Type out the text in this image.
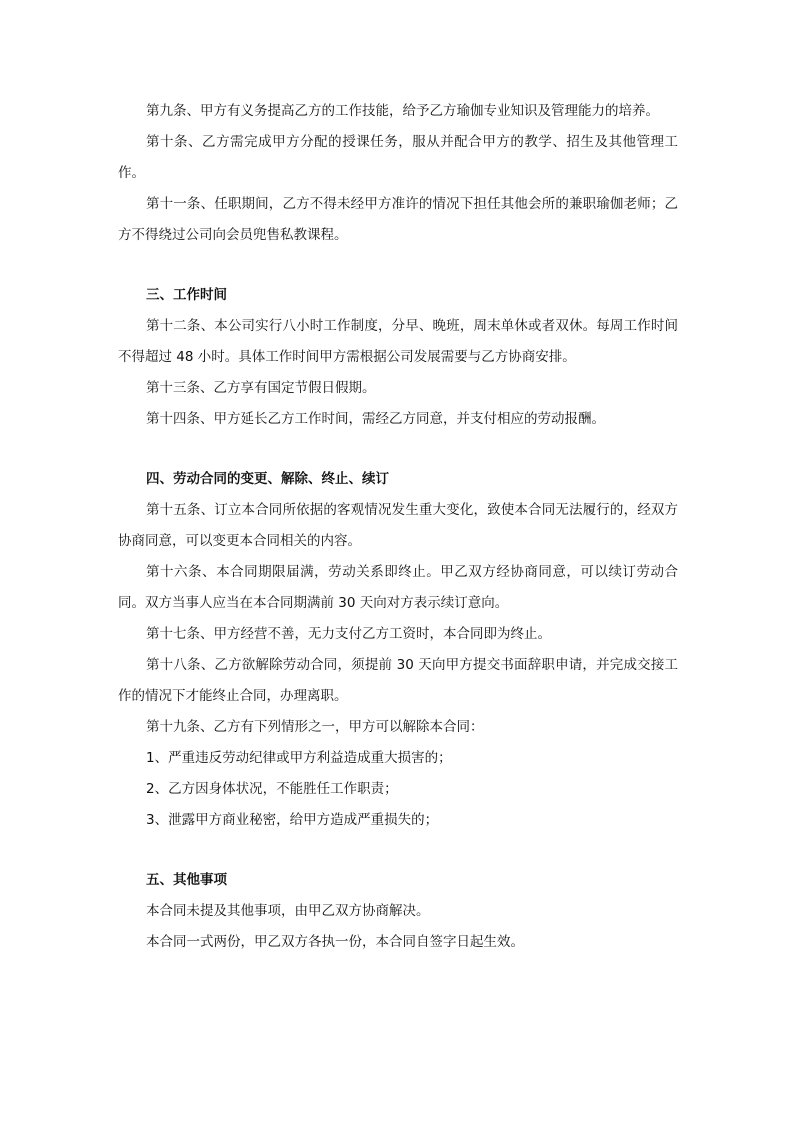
第九条、甲方有义务提高乙方的工作技能，给予乙方瑜伽专业知识及管理能力的培养。

第十条、乙方需完成甲方分配的授课任务，服从并配合甲方的教学、招生及其他管理工作。

第十一条、任职期间，乙方不得未经甲方准许的情况下担任其他会所的兼职瑜伽老师；乙方不得绕过公司向会员兜售私教课程。

三、工作时间

第十二条、本公司实行八小时工作制度，分早、晚班，周末单休或者双休。每周工作时间不得超过 48 小时。具体工作时间甲方需根据公司发展需要与乙方协商安排。

第十三条、乙方享有国定节假日假期。

第十四条、甲方延长乙方工作时间，需经乙方同意，并支付相应的劳动报酬。

四、劳动合同的变更、解除、终止、续订

第十五条、订立本合同所依据的客观情况发生重大变化，致使本合同无法履行的，经双方协商同意，可以变更本合同相关的内容。

第十六条、本合同期限届满，劳动关系即终止。甲乙双方经协商同意，可以续订劳动合同。双方当事人应当在本合同期满前 30 天向对方表示续订意向。

第十七条、甲方经营不善，无力支付乙方工资时，本合同即为终止。

第十八条、乙方欲解除劳动合同，须提前 30 天向甲方提交书面辞职申请，并完成交接工作的情况下才能终止合同，办理离职。

第十九条、乙方有下列情形之一，甲方可以解除本合同：

1、严重违反劳动纪律或甲方利益造成重大损害的；

2、乙方因身体状况，不能胜任工作职责；

3、泄露甲方商业秘密，给甲方造成严重损失的；

五、其他事项

本合同未提及其他事项，由甲乙双方协商解决。

本合同一式两份，甲乙双方各执一份，本合同自签字日起生效。
